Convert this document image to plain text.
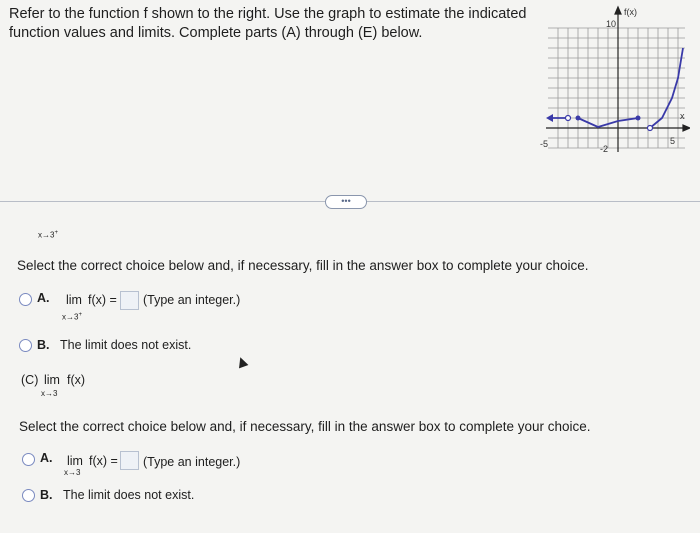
Refer to the function f shown to the right. Use the graph to estimate the indicated
function values and limits. Complete parts (A) through (E) below.
f(x)
x
10
-5	5
-2
•••
x→3+
Select the correct choice below and, if necessary, fill in the answer box to complete your choice.
A. lim f(x) = (Type an integer.)
x→3+
B. The limit does not exist.
(C) lim f(x)
x→3
Select the correct choice below and, if necessary, fill in the answer box to complete your choice.
A. lim f(x) = (Type an integer.)
x→3
B. The limit does not exist.
